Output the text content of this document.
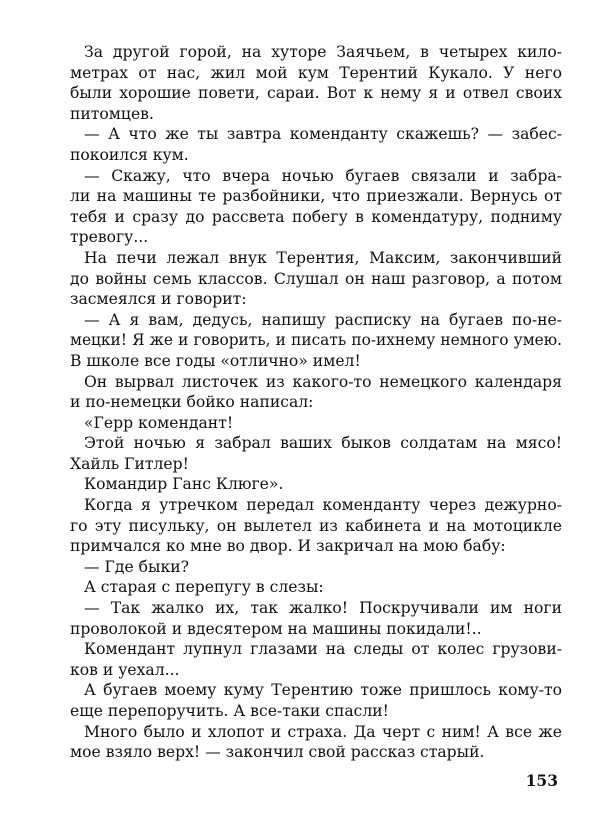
За другой горой, на хуторе Заячьем, в четырех кило-
метрах от нас, жил мой кум Терентий Кукало. У него
были хорошие повети, сараи. Вот к нему я и отвел своих
питомцев.
— А что же ты завтра коменданту скажешь? — забес-
покоился кум.
— Скажу, что вчера ночью бугаев связали и забра-
ли на машины те разбойники, что приезжали. Вернусь от
тебя и сразу до рассвета побегу в комендатуру, подниму
тревогу...
На печи лежал внук Терентия, Максим, закончивший
до войны семь классов. Слушал он наш разговор, а потом
засмеялся и говорит:
— А я вам, дедусь, напишу расписку на бугаев по-не-
мецки! Я же и говорить, и писать по-ихнему немного умею.
В школе все годы «отлично» имел!
Он вырвал листочек из какого-то немецкого календаря
и по-немецки бойко написал:
«Герр комендант!
Этой ночью я забрал ваших быков солдатам на мясо!
Хайль Гитлер!
Командир Ганс Клюге».
Когда я утречком передал коменданту через дежурно-
го эту писульку, он вылетел из кабинета и на мотоцикле
примчался ко мне во двор. И закричал на мою бабу:
— Где быки?
А старая с перепугу в слезы:
— Так жалко их, так жалко! Поскручивали им ноги
проволокой и вдесятером на машины покидали!..
Комендант лупнул глазами на следы от колес грузови-
ков и уехал...
А бугаев моему куму Терентию тоже пришлось кому-то
еще перепоручить. А все-таки спасли!
Много было и хлопот и страха. Да черт с ним! А все же
мое взяло верх! — закончил свой рассказ старый.
153
